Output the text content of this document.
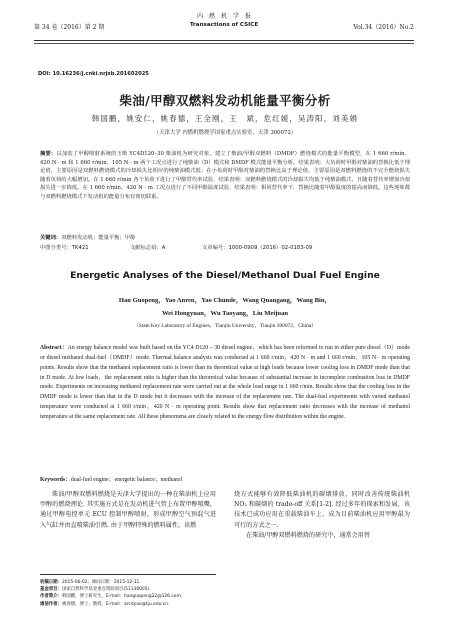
第 34 卷（2016）第 2 期
内　燃　机　学　报
Transactions of CSICE	Vol.34（2016）No.2
DOI: 10.16236/j.cnki.nrjxb.201602025
柴油/甲醇双燃料发动机能量平衡分析
韩国鹏，姚安仁，姚春德，王全刚，王　斌，危红媛，吴涛阳，刘美娟
（天津大学 内燃机燃烧学国家重点实验室，天津 300072）
摘要：以加装了甲醇喷射系统的玉柴 YC4D120–30 柴油机为研究对象，建立了柴油/甲醇双燃料（DMDF）燃烧模式的能量平衡模型，在 1 660 r/min、420 N · m 和 1 660 r/min、105 N · m 两个工况点进行了纯柴油（D）模式和 DMDF 模式能量平衡分析。结果表明：大负荷时甲醇对柴油的替换比低于理论值，主要原因是双燃料燃烧模式的冷却损失比相应的纯柴油模式低；在小负荷时甲醇对柴油的替换比高于理论值，主要原因是双燃料燃烧的不完全燃烧损失随着负荷的大幅增加。在 1 660 r/min 各个负荷下进行了甲醇替代率试验，结果表明：双燃料燃烧模式的冷却损失均低于纯柴油模式，且随着替代率增加冷却损失进一步降低。在 1 660 r/min、420 N · m 工况点进行了不同甲醇温度试验，结果表明：相同替代率下，替换比随着甲醇温度的提高而降低。这些现象都与双燃料燃烧模式下发动机的能量分布有密切联系。
关键词：双燃料发动机；能量平衡；甲醇
中图分类号：TK421	文献标志码：A	文章编号：1000-0909（2016）02-0183-09
Energetic Analyses of the Diesel/Methanol Dual Fuel Engine
Han Guopeng，Yao Anren，Yao Chunde，Wang Quangang，Wang Bin，
Wei Hongyuan，Wu Taoyang，Liu Meijuan
（State Key Laboratory of Engines，Tianjin University，Tianjin 300072，China）
Abstract：An energy balance model was built based on the YC4 D120 – 30 diesel engine，which has been reformed to run in either pure diesel（D）mode or diesel methanol dual-fuel（DMDF）mode. Thermal balance analysis was conducted at 1 660 r/min，420 N · m and 1 660 r/min，105 N · m operating points. Results show that the methanol replacement ratio is lower than its theoretical value at high loads because lower cooling loss in DMDF mode than that in D mode. At low loads，the replacement ratio is higher than the theoretical value because of substantial increase in incomplete combustion loss in DMDF mode. Experiments on increasing methanol replacement rate were carried out at the whole load range in 1 660 r/min. Results show that the cooling loss in the DMDF mode is lower than that in the D mode but it decreases with the increase of the replacement rate. The dual-fuel experiments with varied methanol temperature were conducted at 1 660 r/min，420 N · m operating point. Results show that replacement ratio decreases with the increase of methanol temperature at the same replacement rate. All these phenomena are closely related to the energy flow distribution within the engine.
Keywords：dual-fuel engine；energetic balance；methanol

柴油/甲醇双燃料燃烧是天津大学提出的一种在柴油机上应用甲醇的燃烧理论. 其实施方式是在发动机进气管上布置甲醇喷嘴，通过甲醇电控单元 ECU 控制甲醇喷射，形成甲醇空气预混气进入气缸并由直喷柴油引燃. 由于甲醇特殊的燃料属性，该燃

烧方式能够有效降低柴油机的碳烟排放，同时改善传统柴油机 NO₂ 和碳烟的 trade-off 关系[1-2]. 经过多年的探索和发展，该技术已成功应用在重载柴油车上，成为目前柴油机应用甲醇最为可行的方式之一.

在柴油/甲醇双燃料燃烧的研究中，通常会用替

收稿日期：2015-06-02；修回日期：2015-12-11.
基金项目：国家自然科学基金重点资助项目(51136005).
作者简介：韩国鹏，博士研究生，E-mail：hanguopeng22@126.com.
通信作者：姚春德，博士，教授，E-mail：arcdyao@tju.edu.cn.
